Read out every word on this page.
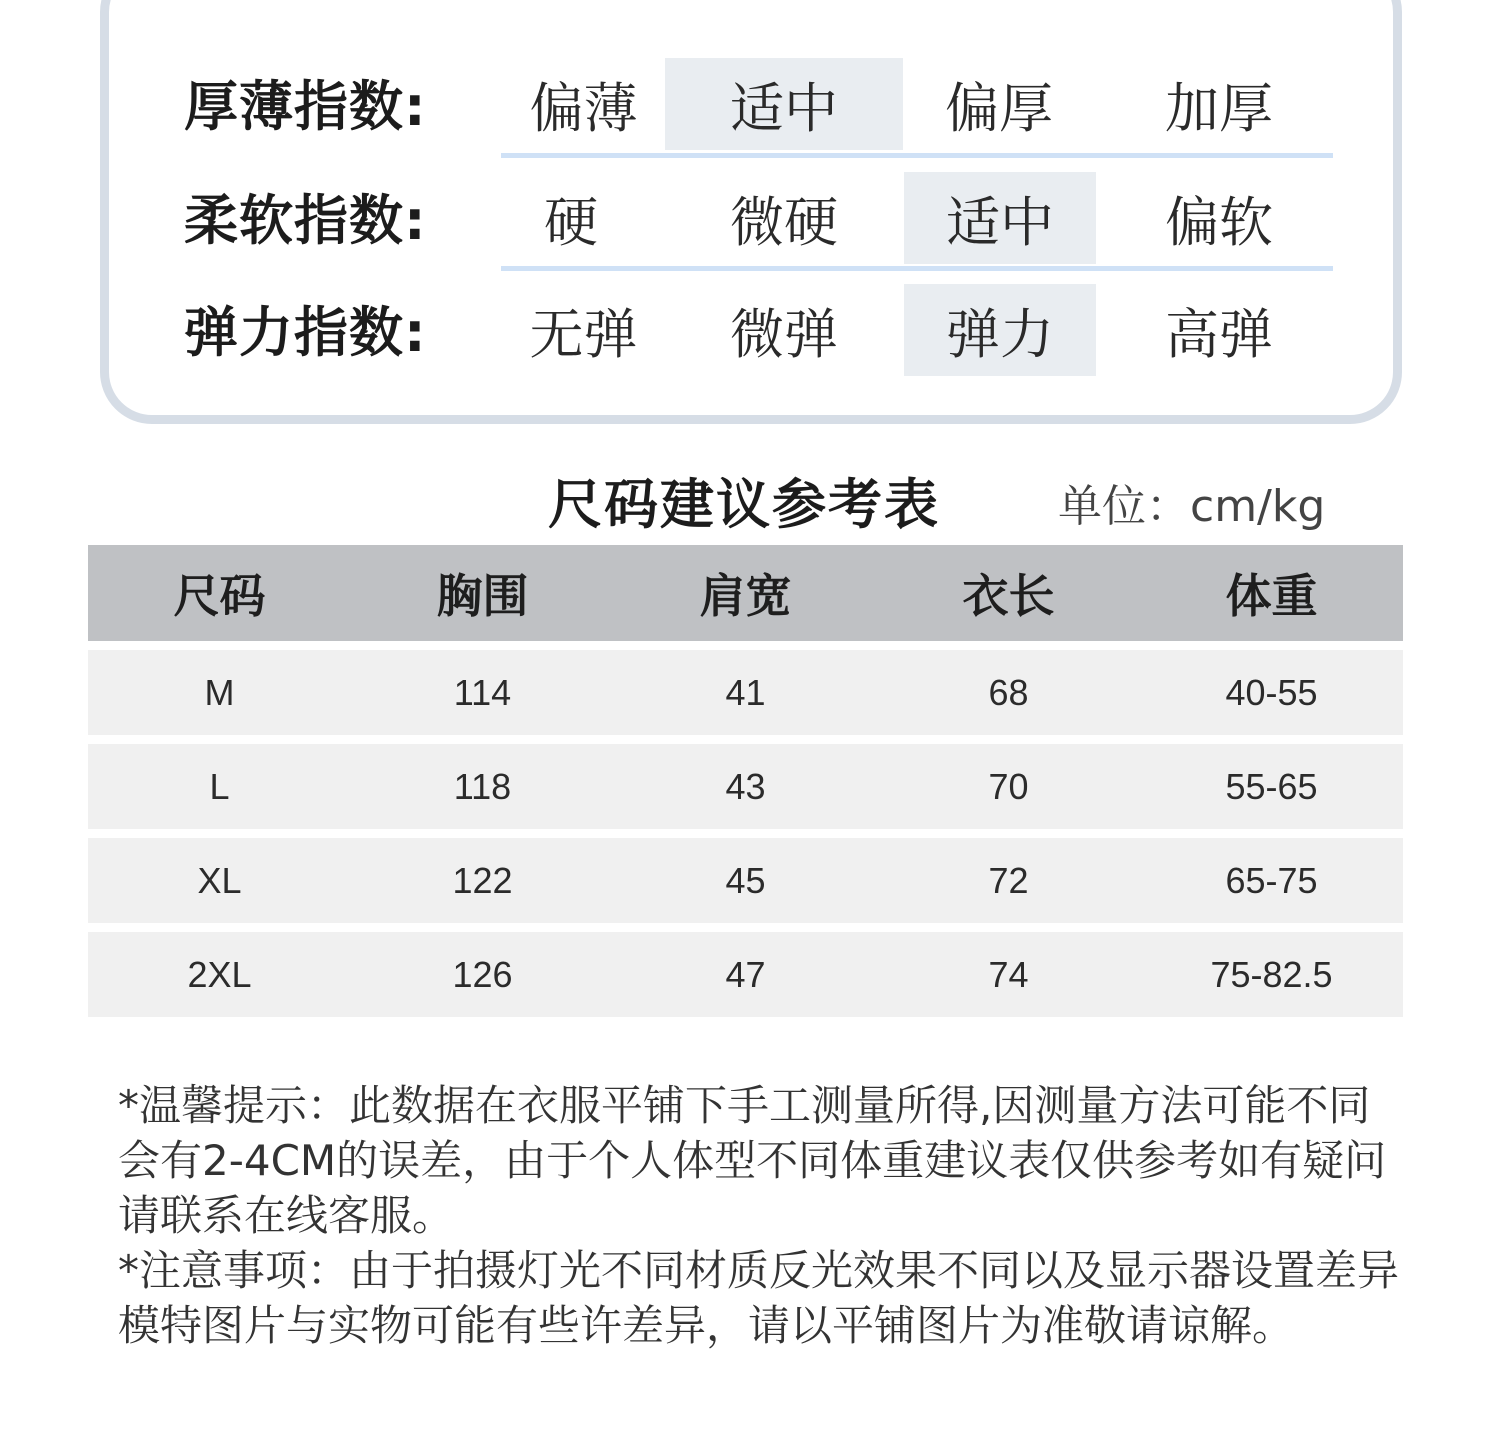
厚薄指数:	偏薄	适中	偏厚	加厚
柔软指数:	硬	微硬	适中	偏软
弹力指数:	无弹	微弹	弹力	高弹
尺码建议参考表	单位：cm/kg
尺码	胸围	肩宽	衣长	体重
M	114	41	68	40-55
L	118	43	70	55-65
XL	122	45	72	65-75
2XL	126	47	74	75-82.5

*温馨提示：此数据在衣服平铺下手工测量所得,因测量方法可能不同会有2-4CM的误差，由于个人体型不同体重建议表仅供参考如有疑问请联系在线客服。

*注意事项：由于拍摄灯光不同材质反光效果不同以及显示器设置差异模特图片与实物可能有些许差异，请以平铺图片为准敬请谅解。
